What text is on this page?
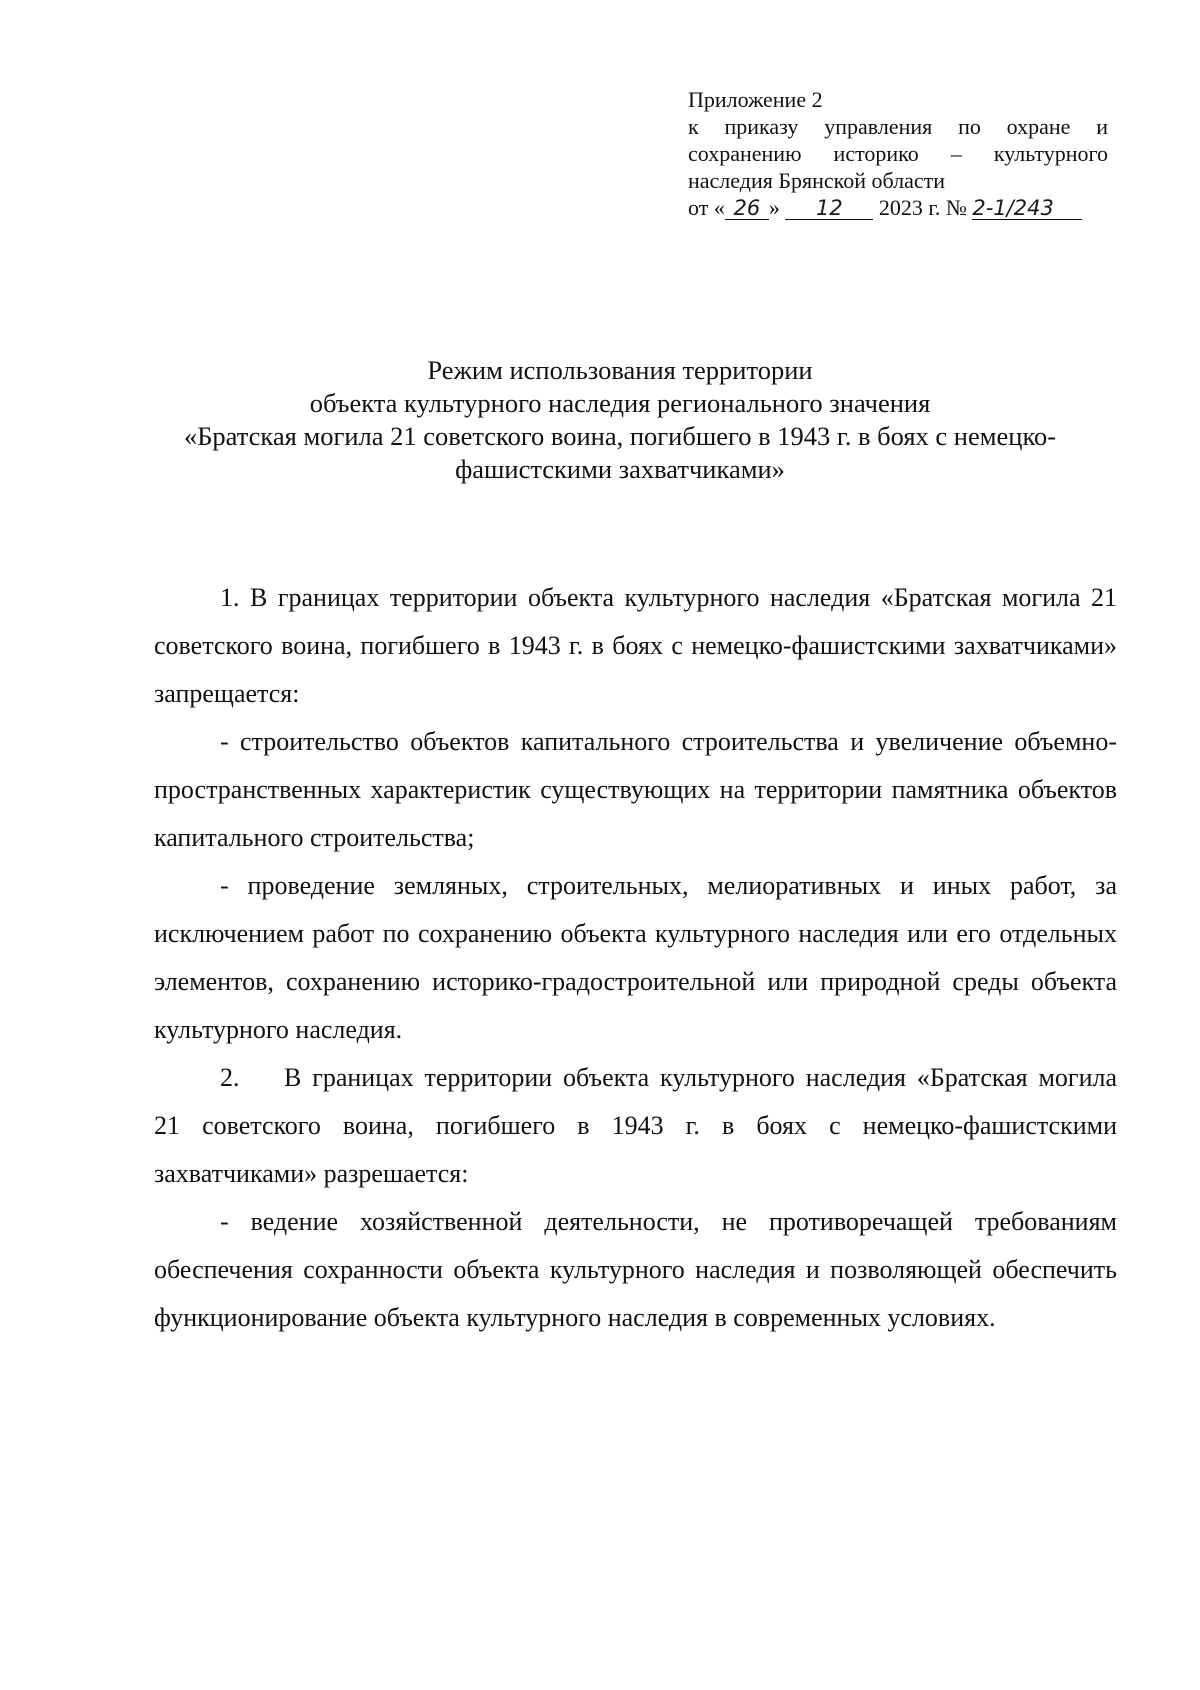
Приложение 2
к приказу управления по охране и
сохранению историко – культурного
наследия Брянской области
от « 26 » 12 2023 г. № 2-1/243
Режим использования территории
объекта культурного наследия регионального значения
«Братская могила 21 советского воина, погибшего в 1943 г. в боях с немецко-
фашистскими захватчиками»

1. В границах территории объекта культурного наследия «Братская могила 21 советского воина, погибшего в 1943 г. в боях с немецко-фашистскими захватчиками» запрещается:

- строительство объектов капитального строительства и увеличение объемно-пространственных характеристик существующих на территории памятника объектов капитального строительства;

- проведение земляных, строительных, мелиоративных и иных работ, за исключением работ по сохранению объекта культурного наследия или его отдельных элементов, сохранению историко-градостроительной или природной среды объекта культурного наследия.

2. В границах территории объекта культурного наследия «Братская могила 21 советского воина, погибшего в 1943 г. в боях с немецко-фашистскими захватчиками» разрешается:

- ведение хозяйственной деятельности, не противоречащей требованиям обеспечения сохранности объекта культурного наследия и позволяющей обеспечить функционирование объекта культурного наследия в современных условиях.
